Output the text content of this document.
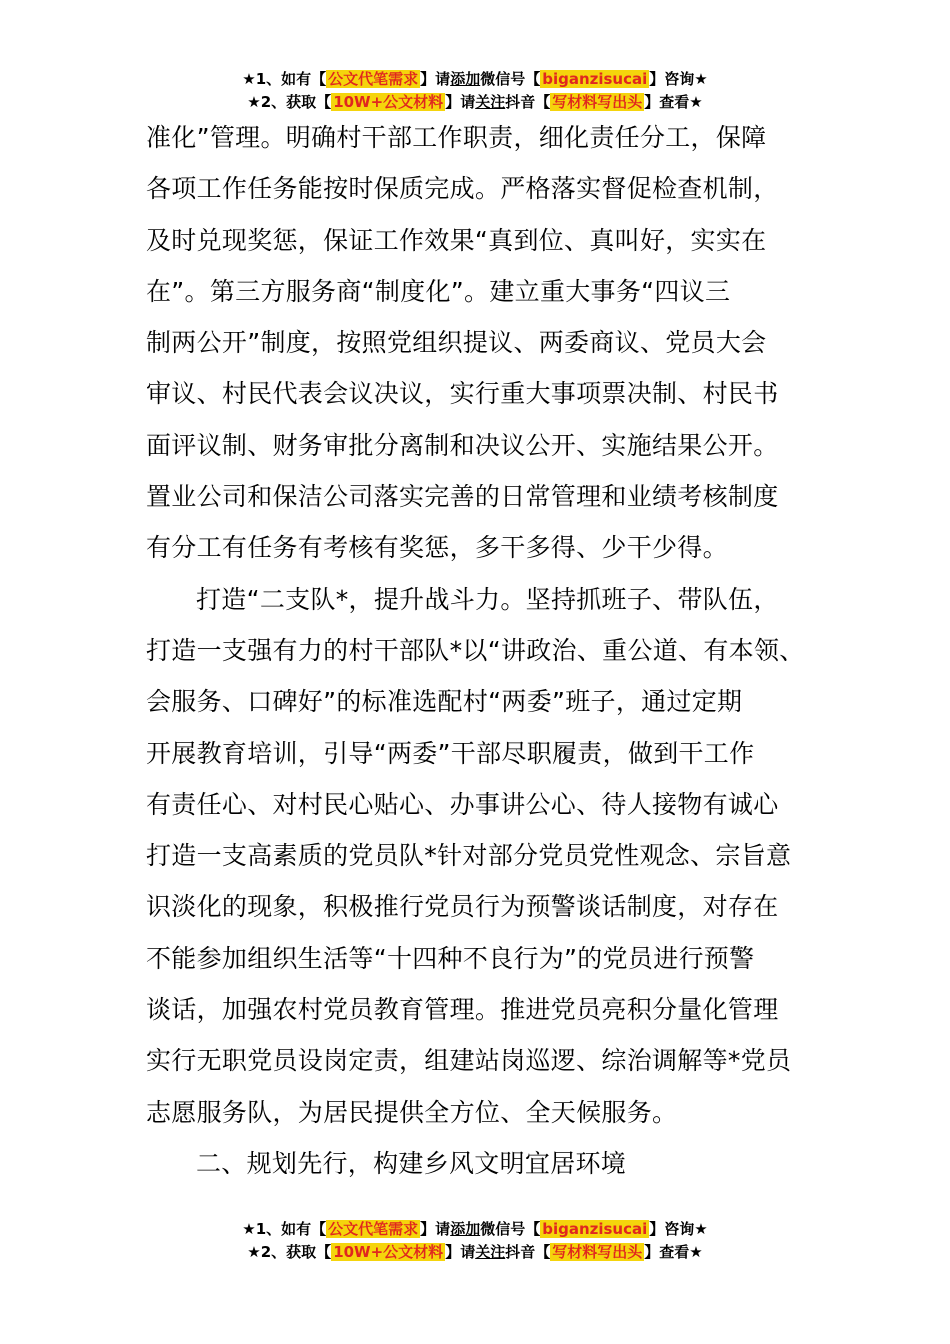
★1、如有【 公文代笔需求 】请添加微信号【 biganzisucai 】咨询★
★2、获取【 10W+公文材料 】请关注抖音【 写材料写出头 】查看★
准化”管理。明确村干部工作职责，细化责任分工，保障
各项工作任务能按时保质完成。严格落实督促检查机制，
及时兑现奖惩，保证工作效果“真到位、真叫好，实实在
在”。第三方服务商“制度化”。建立重大事务“四议三
制两公开”制度，按照党组织提议、两委商议、党员大会
审议、村民代表会议决议，实行重大事项票决制、村民书
面评议制、财务审批分离制和决议公开、实施结果公开。
置业公司和保洁公司落实完善的日常管理和业绩考核制度
有分工有任务有考核有奖惩，多干多得、少干少得。
打造“二支队*，提升战斗力。坚持抓班子、带队伍，
打造一支强有力的村干部队*以“讲政治、重公道、有本领、
会服务、口碑好”的标准选配村“两委”班子，通过定期
开展教育培训，引导“两委”干部尽职履责，做到干工作
有责任心、对村民心贴心、办事讲公心、待人接物有诚心
打造一支高素质的党员队*针对部分党员党性观念、宗旨意
识淡化的现象，积极推行党员行为预警谈话制度，对存在
不能参加组织生活等“十四种不良行为”的党员进行预警
谈话，加强农村党员教育管理。推进党员亮积分量化管理
实行无职党员设岗定责，组建站岗巡逻、综治调解等*党员
志愿服务队，为居民提供全方位、全天候服务。
二、规划先行，构建乡风文明宜居环境
★1、如有【 公文代笔需求 】请添加微信号【 biganzisucai 】咨询★
★2、获取【 10W+公文材料 】请关注抖音【 写材料写出头 】查看★
